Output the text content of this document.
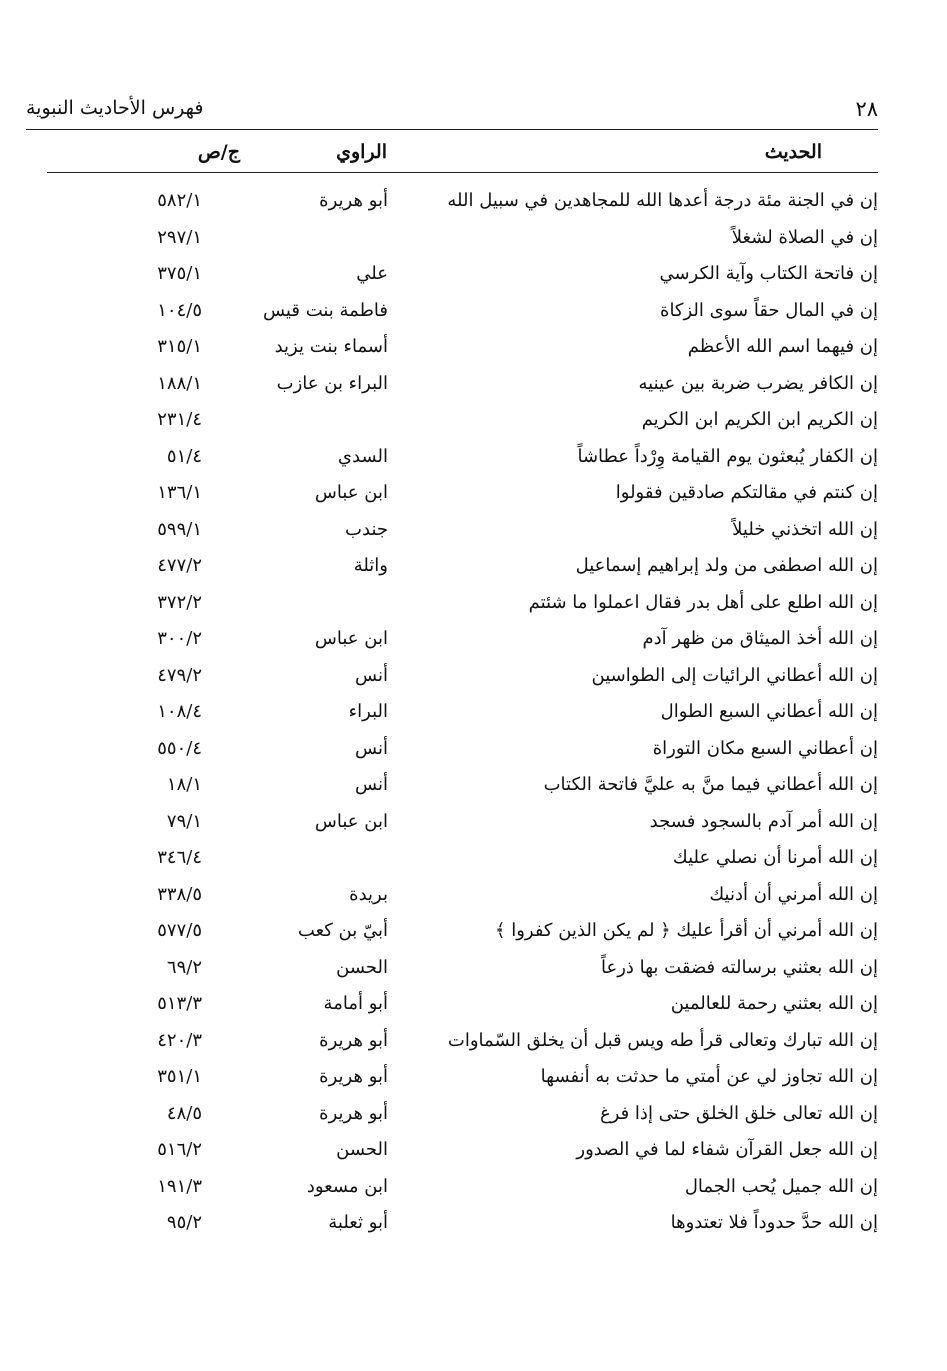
فهرس الأحاديث النبوية	٢٨
الحديث
الراوي
ج/ص
إن في الجنة مئة درجة أعدها الله للمجاهدين في سبيل الله
أبو هريرة
٥٨٢/١
إن في الصلاة لشغلاً
٢٩٧/١
إن فاتحة الكتاب وآية الكرسي
علي
٣٧٥/١
إن في المال حقاً سوى الزكاة
فاطمة بنت قيس
١٠٤/٥
إن فيهما اسم الله الأعظم
أسماء بنت يزيد
٣١٥/١
إن الكافر يضرب ضربة بين عينيه
البراء بن عازب
١٨٨/١
إن الكريم ابن الكريم ابن الكريم
٢٣١/٤
إن الكفار يُبعثون يوم القيامة وِرْداً عطاشاً
السدي
٥١/٤
إن كنتم في مقالتكم صادقين فقولوا
ابن عباس
١٣٦/١
إن الله اتخذني خليلاً
جندب
٥٩٩/١
إن الله اصطفى من ولد إبراهيم إسماعيل
واثلة
٤٧٧/٢
إن الله اطلع على أهل بدر فقال اعملوا ما شئتم
٣٧٢/٢
إن الله أخذ الميثاق من ظهر آدم
ابن عباس
٣٠٠/٢
إن الله أعطاني الرائيات إلى الطواسين
أنس
٤٧٩/٢
إن الله أعطاني السبع الطوال
البراء
١٠٨/٤
إن أعطاني السبع مكان التوراة
أنس
٥٥٠/٤
إن الله أعطاني فيما منَّ به عليَّ فاتحة الكتاب
أنس
١٨/١
إن الله أمر آدم بالسجود فسجد
ابن عباس
٧٩/١
إن الله أمرنا أن نصلي عليك
٣٤٦/٤
إن الله أمرني أن أدنيك
بريدة
٣٣٨/٥
إن الله أمرني أن أقرأ عليك ﴿ لم يكن الذين كفروا ﴾
أبيّ بن كعب
٥٧٧/٥
إن الله بعثني برسالته فضقت بها ذرعاً
الحسن
٦٩/٢
إن الله بعثني رحمة للعالمين
أبو أمامة
٥١٣/٣
إن الله تبارك وتعالى قرأ طه ويس قبل أن يخلق السّماوات
أبو هريرة
٤٢٠/٣
إن الله تجاوز لي عن أمتي ما حدثت به أنفسها
أبو هريرة
٣٥١/١
إن الله تعالى خلق الخلق حتى إذا فرغ
أبو هريرة
٤٨/٥
إن الله جعل القرآن شفاء لما في الصدور
الحسن
٥١٦/٢
إن الله جميل يُحب الجمال
ابن مسعود
١٩١/٣
إن الله حدَّ حدوداً فلا تعتدوها
أبو ثعلبة
٩٥/٢
